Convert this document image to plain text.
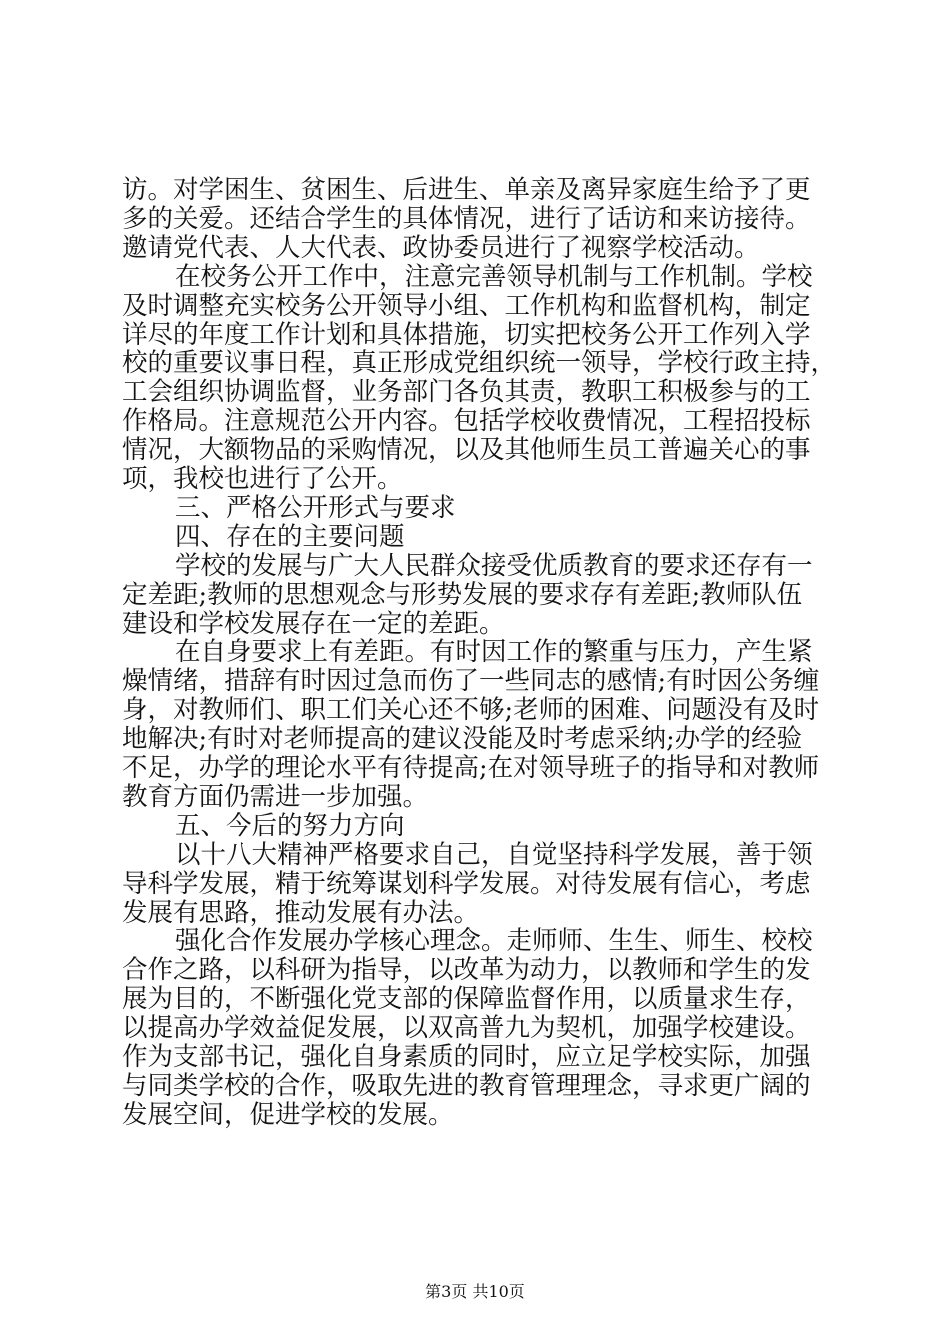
访。对学困生、贫困生、后进生、单亲及离异家庭生给予了更
多的关爱。还结合学生的具体情况，进行了话访和来访接待。
邀请党代表、人大代表、政协委员进行了视察学校活动。
在校务公开工作中，注意完善领导机制与工作机制。学校
及时调整充实校务公开领导小组、工作机构和监督机构，制定
详尽的年度工作计划和具体措施，切实把校务公开工作列入学
校的重要议事日程，真正形成党组织统一领导，学校行政主持，
工会组织协调监督，业务部门各负其责，教职工积极参与的工
作格局。注意规范公开内容。包括学校收费情况，工程招投标
情况，大额物品的采购情况，以及其他师生员工普遍关心的事
项，我校也进行了公开。
三、严格公开形式与要求
四、存在的主要问题
学校的发展与广大人民群众接受优质教育的要求还存有一
定差距;教师的思想观念与形势发展的要求存有差距;教师队伍
建设和学校发展存在一定的差距。
在自身要求上有差距。有时因工作的繁重与压力，产生紧
燥情绪，措辞有时因过急而伤了一些同志的感情;有时因公务缠
身，对教师们、职工们关心还不够;老师的困难、问题没有及时
地解决;有时对老师提高的建议没能及时考虑采纳;办学的经验
不足，办学的理论水平有待提高;在对领导班子的指导和对教师
教育方面仍需进一步加强。
五、今后的努力方向
以十八大精神严格要求自己，自觉坚持科学发展，善于领
导科学发展，精于统筹谋划科学发展。对待发展有信心，考虑
发展有思路，推动发展有办法。
强化合作发展办学核心理念。走师师、生生、师生、校校
合作之路，以科研为指导，以改革为动力，以教师和学生的发
展为目的，不断强化党支部的保障监督作用，以质量求生存，
以提高办学效益促发展，以双高普九为契机，加强学校建设。
作为支部书记，强化自身素质的同时，应立足学校实际，加强
与同类学校的合作，吸取先进的教育管理理念，寻求更广阔的
发展空间，促进学校的发展。
第3页 共10页
